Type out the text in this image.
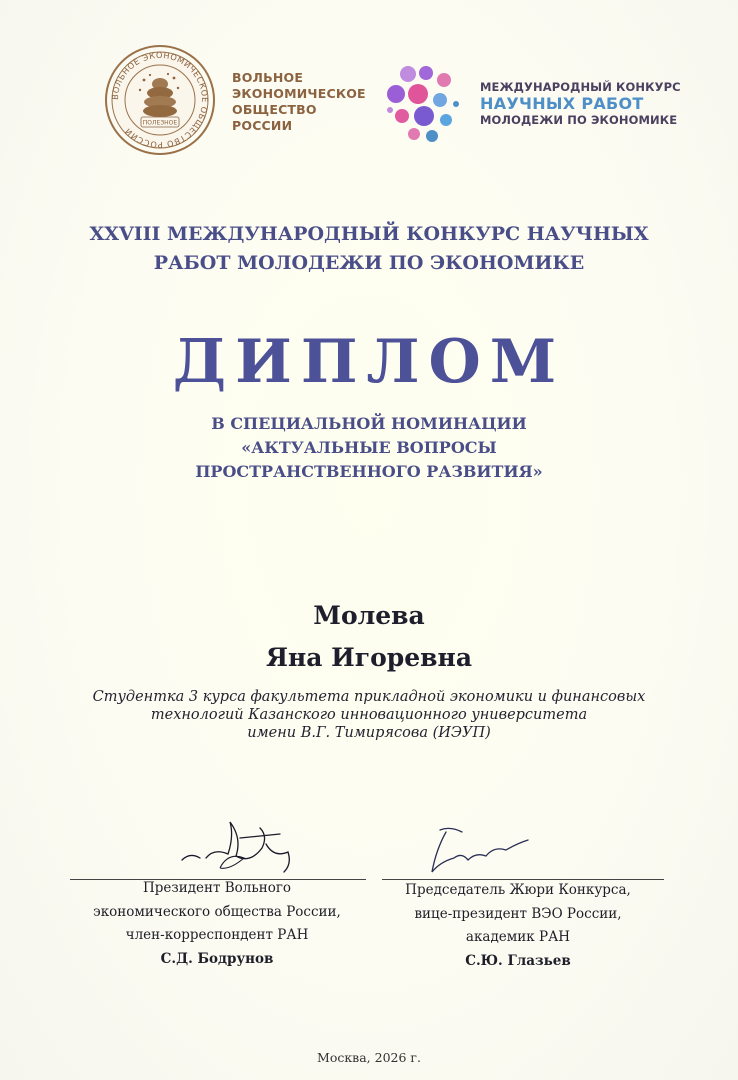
ВОЛЬНОЕ ЭКОНОМИЧЕСКОЕ ОБЩЕСТВО РОССИИ
ПОЛЕЗНОЕ
ВОЛЬНОЕ
ЭКОНОМИЧЕСКОЕ
ОБЩЕСТВО
РОССИИ
МЕЖДУНАРОДНЫЙ КОНКУРС
НАУЧНЫХ РАБОТ
МОЛОДЕЖИ ПО ЭКОНОМИКЕ
XXVIII МЕЖДУНАРОДНЫЙ КОНКУРС НАУЧНЫХ
РАБОТ МОЛОДЕЖИ ПО ЭКОНОМИКЕ
ДИПЛОМ
В СПЕЦИАЛЬНОЙ НОМИНАЦИИ
«АКТУАЛЬНЫЕ ВОПРОСЫ
ПРОСТРАНСТВЕННОГО РАЗВИТИЯ»
Молева
Яна Игоревна
Студентка 3 курса факультета прикладной экономики и финансовых
технологий Казанского инновационного университета
имени В.Г. Тимирясова (ИЭУП)
Президент Вольного
экономического общества России,
член-корреспондент РАН
С.Д. Бодрунов
Председатель Жюри Конкурса,
вице-президент ВЭО России,
академик РАН
С.Ю. Глазьев
Москва, 2026 г.
